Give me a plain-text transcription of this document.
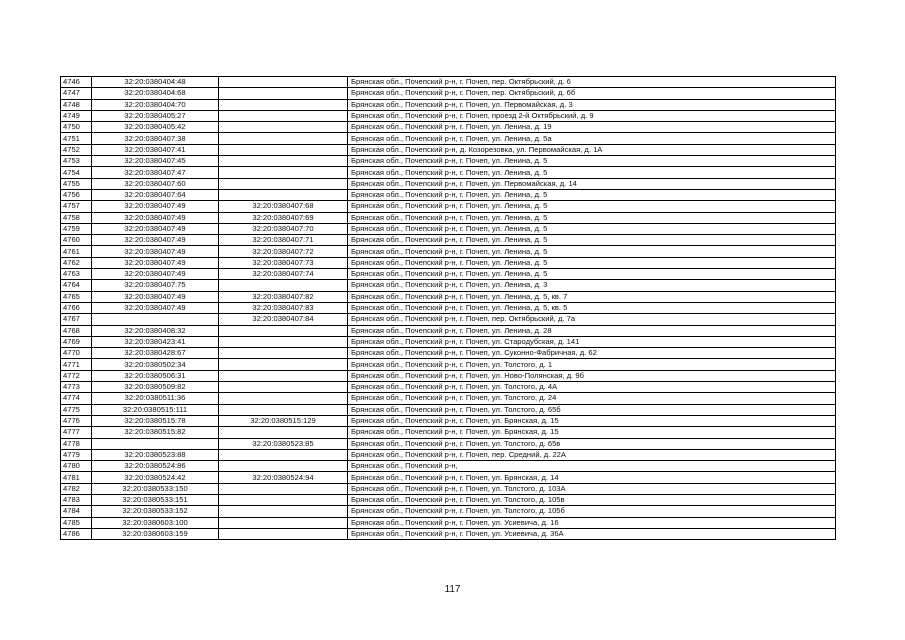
4746	32:20:0380404:48		Брянская обл., Почепский р-н, г. Почеп, пер. Октябрьский, д. 6
4747	32:20:0380404:68		Брянская обл., Почепский р-н, г. Почеп, пер. Октябрьский, д. 6б
4748	32:20:0380404:70		Брянская обл., Почепский р-н, г. Почеп, ул. Первомайская, д. 3
4749	32:20:0380405:27		Брянская обл., Почепский р-н, г. Почеп, проезд 2-й Октябрьский, д. 9
4750	32:20:0380405:42		Брянская обл., Почепский р-н, г. Почеп, ул. Ленина, д. 19
4751	32:20:0380407:38		Брянская обл., Почепский р-н, г. Почеп, ул. Ленина, д. 5а
4752	32:20:0380407:41		Брянская обл., Почепский р-н, д. Козорезовка, ул. Первомайская, д. 1А
4753	32:20:0380407:45		Брянская обл., Почепский р-н, г. Почеп, ул. Ленина, д. 5
4754	32:20:0380407:47		Брянская обл., Почепский р-н, г. Почеп, ул. Ленина, д. 5
4755	32:20:0380407:60		Брянская обл., Почепский р-н, г. Почеп, ул. Первомайская, д. 14
4756	32:20:0380407:64		Брянская обл., Почепский р-н, г. Почеп, ул. Ленина, д. 5
4757	32:20:0380407:49	32:20:0380407:68	Брянская обл., Почепский р-н, г. Почеп, ул. Ленина, д. 5
4758	32:20:0380407:49	32:20:0380407:69	Брянская обл., Почепский р-н, г. Почеп, ул. Ленина, д. 5
4759	32:20:0380407:49	32:20:0380407:70	Брянская обл., Почепский р-н, г. Почеп, ул. Ленина, д. 5
4760	32:20:0380407:49	32:20:0380407:71	Брянская обл., Почепский р-н, г. Почеп, ул. Ленина, д. 5
4761	32:20:0380407:49	32:20:0380407:72	Брянская обл., Почепский р-н, г. Почеп, ул. Ленина, д. 5
4762	32:20:0380407:49	32:20:0380407:73	Брянская обл., Почепский р-н, г. Почеп, ул. Ленина, д. 5
4763	32:20:0380407:49	32:20:0380407:74	Брянская обл., Почепский р-н, г. Почеп, ул. Ленина, д. 5
4764	32:20:0380407:75		Брянская обл., Почепский р-н, г. Почеп, ул. Ленина, д. 3
4765	32:20:0380407:49	32:20:0380407:82	Брянская обл., Почепский р-н, г. Почеп, ул. Ленина, д. 5, кв. 7
4766	32:20:0380407:49	32:20:0380407:83	Брянская обл., Почепский р-н, г. Почеп, ул. Ленина, д. 5, кв. 5
4767		32:20:0380407:84	Брянская обл., Почепский р-н, г. Почеп, пер. Октябрьский, д. 7а
4768	32:20:0380408:32		Брянская обл., Почепский р-н, г. Почеп, ул. Ленина, д. 28
4769	32:20:0380423:41		Брянская обл., Почепский р-н, г. Почеп, ул. Стародубская, д. 141
4770	32:20:0380428:67		Брянская обл., Почепский р-н, г. Почеп, ул. Суконно-Фабричная, д. 62
4771	32:20:0380502:34		Брянская обл., Почепский р-н, г. Почеп, ул. Толстого, д. 1
4772	32:20:0380506:31		Брянская обл., Почепский р-н, г. Почеп, ул. Ново-Полянская, д. 9б
4773	32:20:0380509:82		Брянская обл., Почепский р-н, г. Почеп, ул. Толстого, д. 4А
4774	32:20:0380511:36		Брянская обл., Почепский р-н, г. Почеп, ул. Толстого, д. 24
4775	32:20:0380515:111		Брянская обл., Почепский р-н, г. Почеп, ул. Толстого, д. 65б
4776	32:20:0380515:78	32:20:0380515:129	Брянская обл., Почепский р-н, г. Почеп, ул. Брянская, д. 15
4777	32:20:0380515:82		Брянская обл., Почепский р-н, г. Почеп, ул. Брянская, д. 15
4778		32:20:0380523:85	Брянская обл., Почепский р-н, г. Почеп, ул. Толстого, д. 65в
4779	32:20:0380523:88		Брянская обл., Почепский р-н, г. Почеп, пер. Средний, д. 22А
4780	32:20:0380524:86		Брянская обл., Почепский р-н,
4781	32:20:0380524:42	32:20:0380524:94	Брянская обл., Почепский р-н, г. Почеп, ул. Брянская, д. 14
4782	32:20:0380533:150		Брянская обл., Почепский р-н, г. Почеп, ул. Толстого, д. 103А
4783	32:20:0380533:151		Брянская обл., Почепский р-н, г. Почеп, ул. Толстого, д. 105в
4784	32:20:0380533:152		Брянская обл., Почепский р-н, г. Почеп, ул. Толстого, д. 105б
4785	32:20:0380603:100		Брянская обл., Почепский р-н, г. Почеп, ул. Усиевича, д. 16
4786	32:20:0380603:159		Брянская обл., Почепский р-н, г. Почеп, ул. Усиевича, д. 36А
117
